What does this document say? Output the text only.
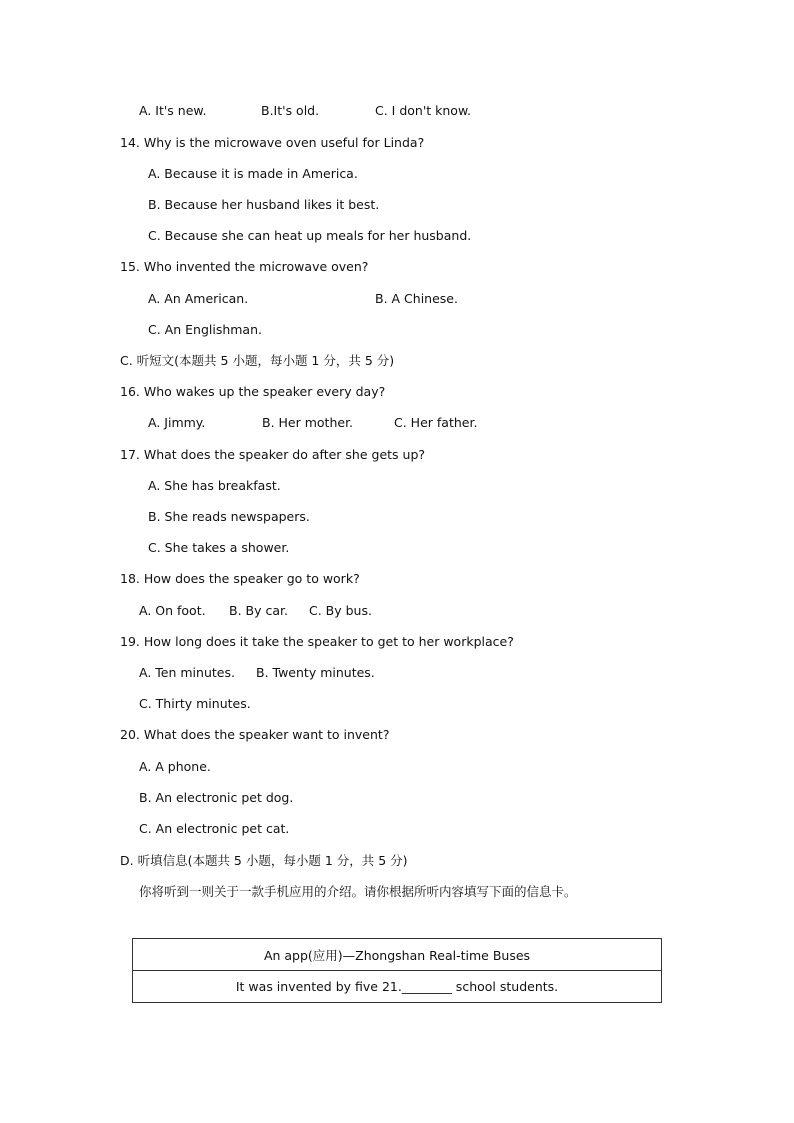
A. It's new.	B.It's old.	C. I don't know.
14. Why is the microwave oven useful for Linda?
A. Because it is made in America.
B. Because her husband likes it best.
C. Because she can heat up meals for her husband.
15. Who invented the microwave oven?
A. An American.	B. A Chinese.
C. An Englishman.
C. 听短文(本题共 5 小题，每小题 1 分，共 5 分)
16. Who wakes up the speaker every day?
A. Jimmy.	B. Her mother.	C. Her father.
17. What does the speaker do after she gets up?
A. She has breakfast.
B. She reads newspapers.
C. She takes a shower.
18. How does the speaker go to work?
A. On foot. B. By car. C. By bus.
19. How long does it take the speaker to get to her workplace?
A. Ten minutes. B. Twenty minutes.
C. Thirty minutes.
20. What does the speaker want to invent?
A. A phone.
B. An electronic pet dog.
C. An electronic pet cat.
D. 听填信息(本题共 5 小题，每小题 1 分，共 5 分)
你将听到一则关于一款手机应用的介绍。请你根据所听内容填写下面的信息卡。
An app(应用)—Zhongshan Real-time Buses
It was invented by five 21.________ school students.
